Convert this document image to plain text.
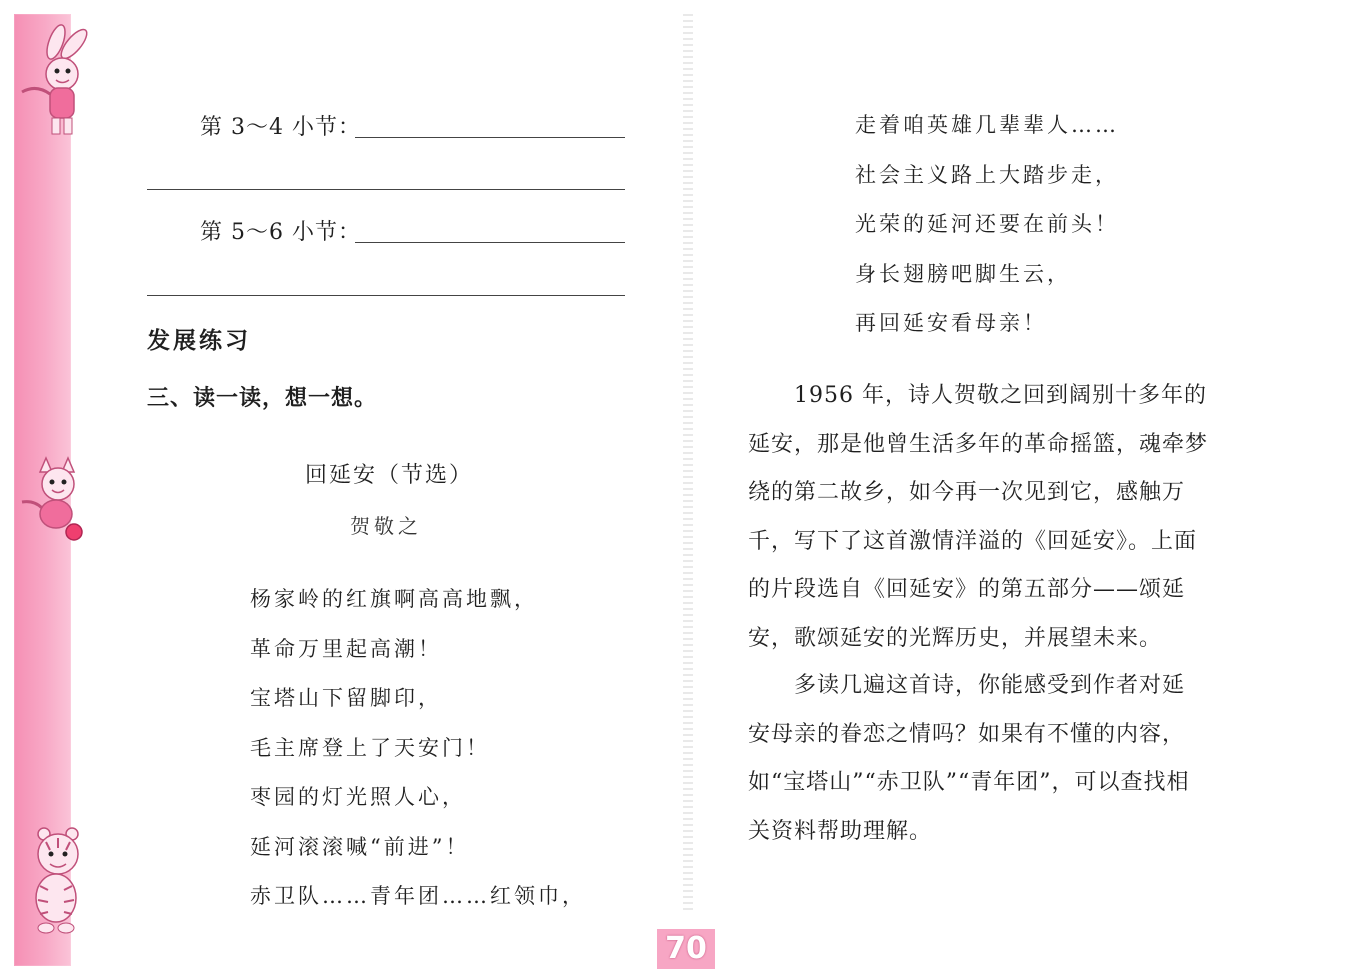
第 3～4 小节：
第 5～6 小节：
发展练习
三、读一读，想一想。
回延安（节选）
贺敬之
杨家岭的红旗啊高高地飘，
革命万里起高潮！
宝塔山下留脚印，
毛主席登上了天安门！
枣园的灯光照人心，
延河滚滚喊“前进”！
赤卫队……青年团……红领巾，
走着咱英雄几辈辈人……
社会主义路上大踏步走，
光荣的延河还要在前头！
身长翅膀吧脚生云，
再回延安看母亲！
　　1956 年，诗人贺敬之回到阔别十多年的
延安，那是他曾生活多年的革命摇篮，魂牵梦
绕的第二故乡，如今再一次见到它，感触万
千，写下了这首激情洋溢的《回延安》。上面
的片段选自《回延安》的第五部分——颂延
安，歌颂延安的光辉历史，并展望未来。
　　多读几遍这首诗，你能感受到作者对延
安母亲的眷恋之情吗？如果有不懂的内容，
如“宝塔山”“赤卫队”“青年团”，可以查找相
关资料帮助理解。
70
